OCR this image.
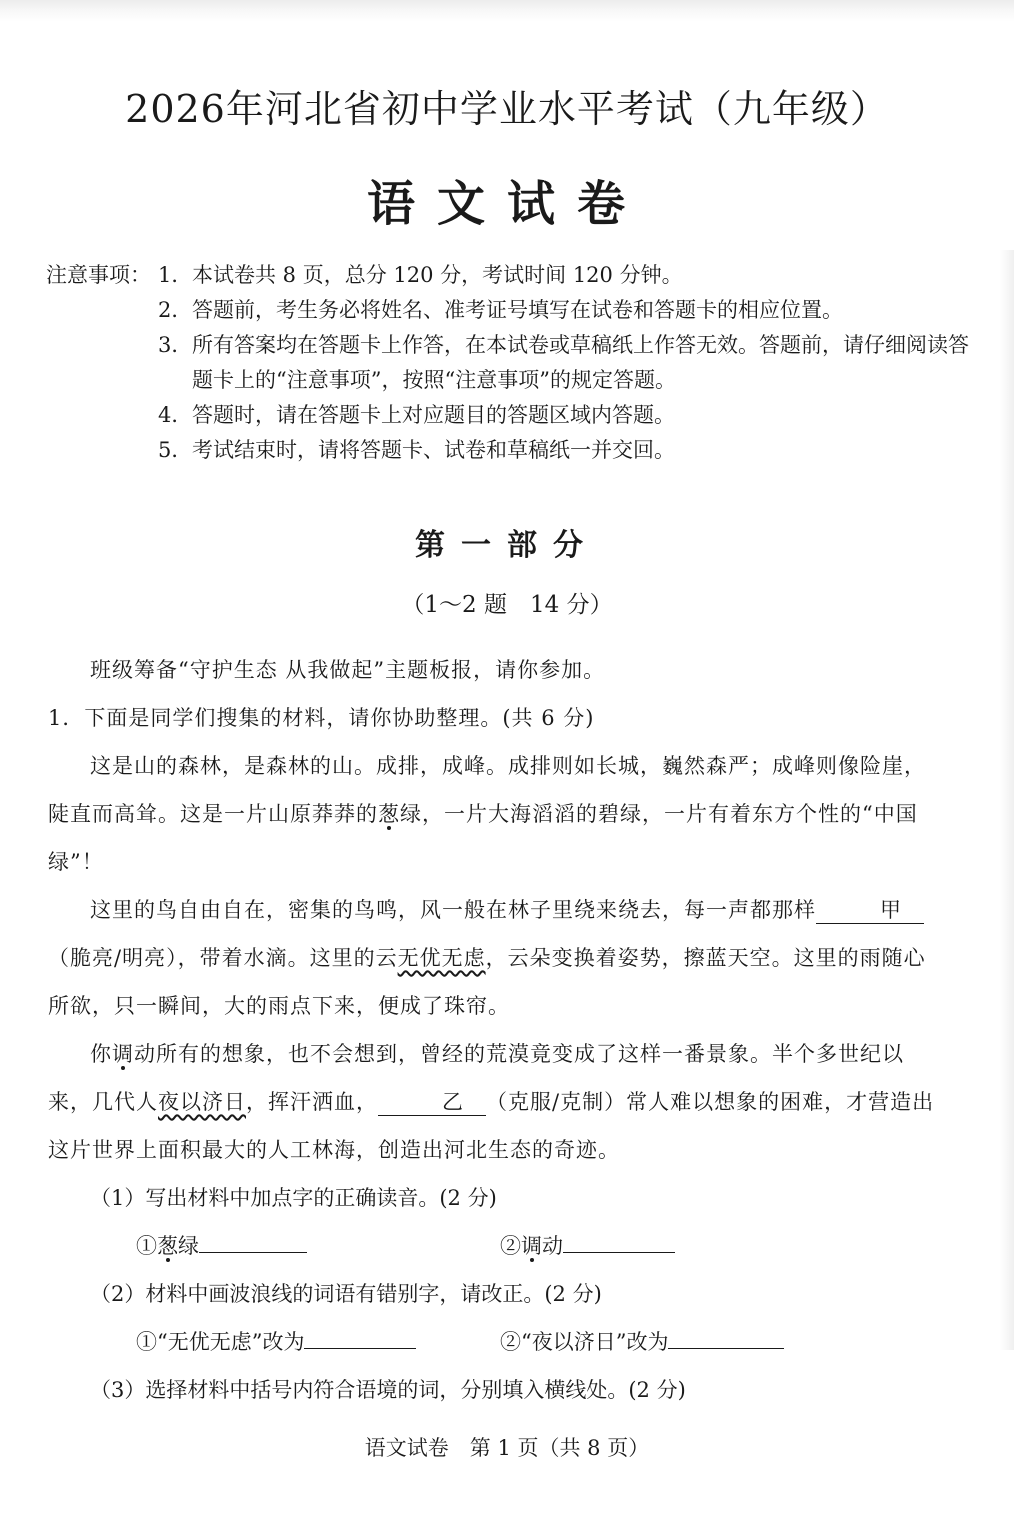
2026年河北省初中学业水平考试（九年级）
语文试卷
注意事项： 1． 本试卷共 8 页，总分 120 分，考试时间 120 分钟。
2． 答题前，考生务必将姓名、准考证号填写在试卷和答题卡的相应位置。
3． 所有答案均在答题卡上作答，在本试卷或草稿纸上作答无效。答题前，请仔细阅读答题卡上的“注意事项”，按照“注意事项”的规定答题。
4． 答题时，请在答题卡上对应题目的答题区域内答题。
5． 考试结束时，请将答题卡、试卷和草稿纸一并交回。
第一部分
（1～2 题　14 分）
班级筹备“守护生态 从我做起”主题板报，请你参加。
1．下面是同学们搜集的材料，请你协助整理。(共 6 分)
这是山的森林，是森林的山。成排，成峰。成排则如长城，巍然森严；成峰则像险崖，陡直而高耸。这是一片山原莽莽的葱绿，一片大海滔滔的碧绿，一片有着东方个性的“中国绿”！
这里的鸟自由自在，密集的鸟鸣，风一般在林子里绕来绕去，每一声都那样	甲（脆亮/明亮），带着水滴。这里的云无优无虑，云朵变换着姿势，擦蓝天空。这里的雨随心所欲，只一瞬间，大的雨点下来，便成了珠帘。
你调动所有的想象，也不会想到，曾经的荒漠竟变成了这样一番景象。半个多世纪以来，几代人夜以济日，挥汗洒血，	乙 （克服/克制）常人难以想象的困难，才营造出这片世界上面积最大的人工林海，创造出河北生态的奇迹。
（1）写出材料中加点字的正确读音。(2 分)
①葱绿	②调动
（2）材料中画波浪线的词语有错别字，请改正。(2 分)
①“无优无虑”改为	②“夜以济日”改为
（3）选择材料中括号内符合语境的词，分别填入横线处。(2 分)
语文试卷　第 1 页（共 8 页）
